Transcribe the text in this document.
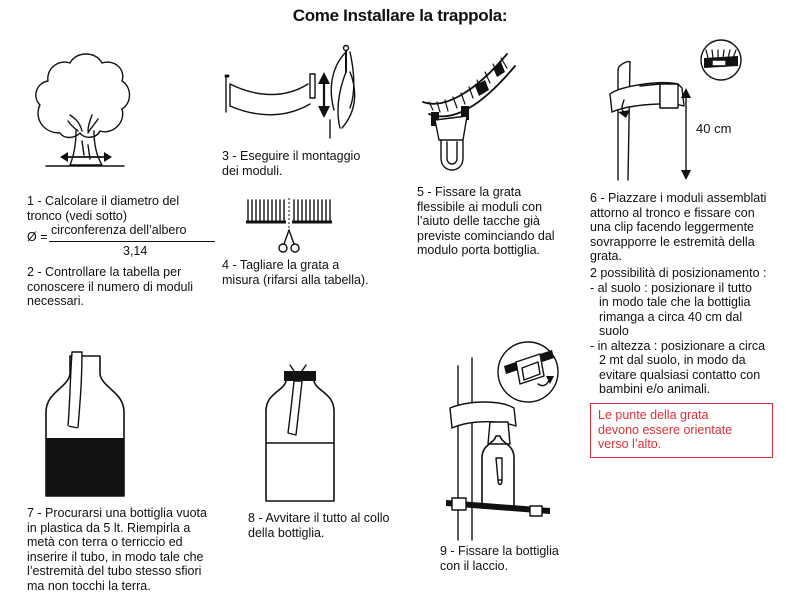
Come Installare la trappola:
40 cm
1 - Calcolare il diametro del
tronco (vedi sotto)
Ø = circonferenza dell’albero
3,14
2 - Controllare la tabella per
conoscere il numero di moduli
necessari.
3 - Eseguire il montaggio
dei moduli.
4 - Tagliare la grata a
misura (rifarsi alla tabella).
5 - Fissare la grata
flessibile ai moduli con
l’aiuto delle tacche già
previste cominciando dal
modulo porta bottiglia.
6 - Piazzare i moduli assemblati
attorno al tronco e fissare con
una clip facendo leggermente
sovrapporre le estremità della
grata.
2 possibilità di posizionamento :
- al suolo : posizionare il tutto
in modo tale che la bottiglia
rimanga a circa 40 cm dal
suolo
- in altezza : posizionare a circa
2 mt dal suolo, in modo da
evitare qualsiasi contatto con
bambini e/o animali.
Le punte della grata
devono essere orientate
verso l’alto.
7 - Procurarsi una bottiglia vuota
in plastica da 5 lt. Riempirla a
metà con terra o terriccio ed
inserire il tubo, in modo tale che
l’estremità del tubo stesso sfiori
ma non tocchi la terra.
8 - Avvitare il tutto al collo
della bottiglia.
9 - Fissare la bottiglia
con il laccio.
